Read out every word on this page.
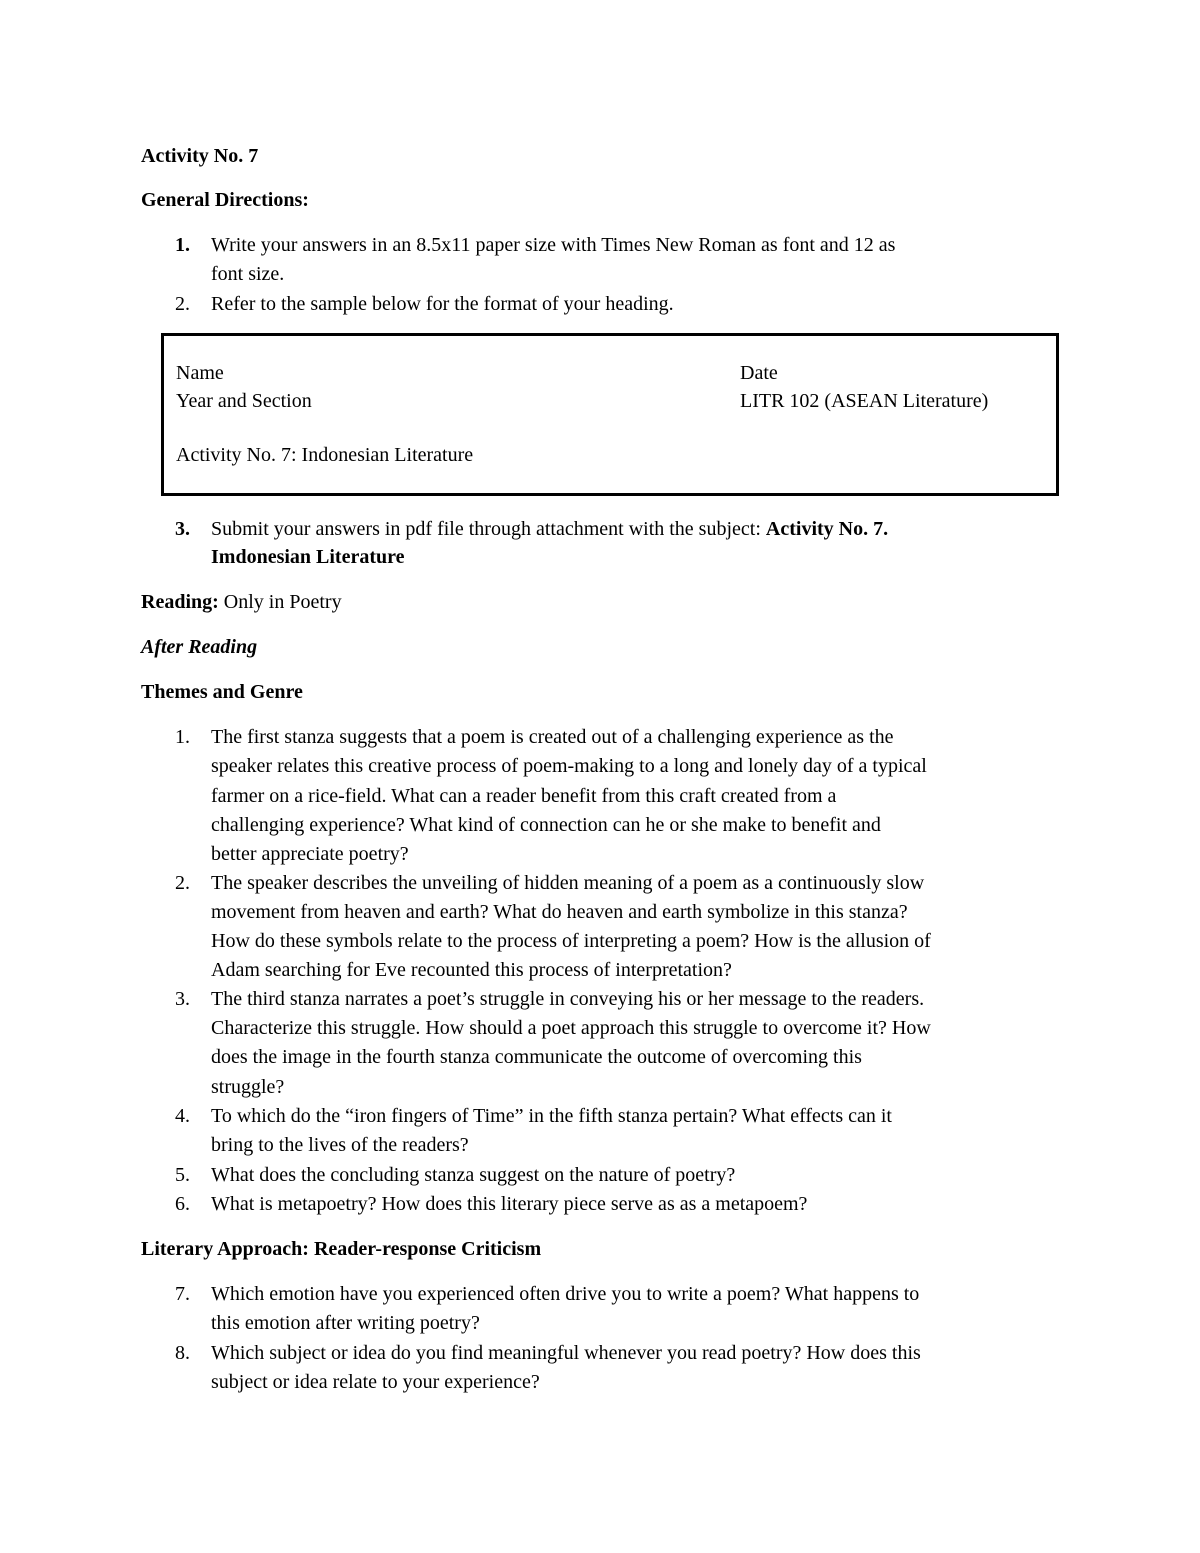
Activity No. 7
General Directions:
1. Write your answers in an 8.5x11 paper size with Times New Roman as font and 12 as
font size.
2. Refer to the sample below for the format of your heading.
Name	Date
Year and Section	LITR 102 (ASEAN Literature)
Activity No. 7: Indonesian Literature
3. Submit your answers in pdf file through attachment with the subject: Activity No. 7.
Imdonesian Literature
Reading: Only in Poetry
After Reading
Themes and Genre
1. The first stanza suggests that a poem is created out of a challenging experience as the
speaker relates this creative process of poem-making to a long and lonely day of a typical
farmer on a rice-field. What can a reader benefit from this craft created from a
challenging experience? What kind of connection can he or she make to benefit and
better appreciate poetry?
2. The speaker describes the unveiling of hidden meaning of a poem as a continuously slow
movement from heaven and earth? What do heaven and earth symbolize in this stanza?
How do these symbols relate to the process of interpreting a poem? How is the allusion of
Adam searching for Eve recounted this process of interpretation?
3. The third stanza narrates a poet’s struggle in conveying his or her message to the readers.
Characterize this struggle. How should a poet approach this struggle to overcome it? How
does the image in the fourth stanza communicate the outcome of overcoming this
struggle?
4. To which do the “iron fingers of Time” in the fifth stanza pertain? What effects can it
bring to the lives of the readers?
5. What does the concluding stanza suggest on the nature of poetry?
6. What is metapoetry? How does this literary piece serve as as a metapoem?
Literary Approach: Reader-response Criticism
7. Which emotion have you experienced often drive you to write a poem? What happens to
this emotion after writing poetry?
8. Which subject or idea do you find meaningful whenever you read poetry? How does this
subject or idea relate to your experience?
